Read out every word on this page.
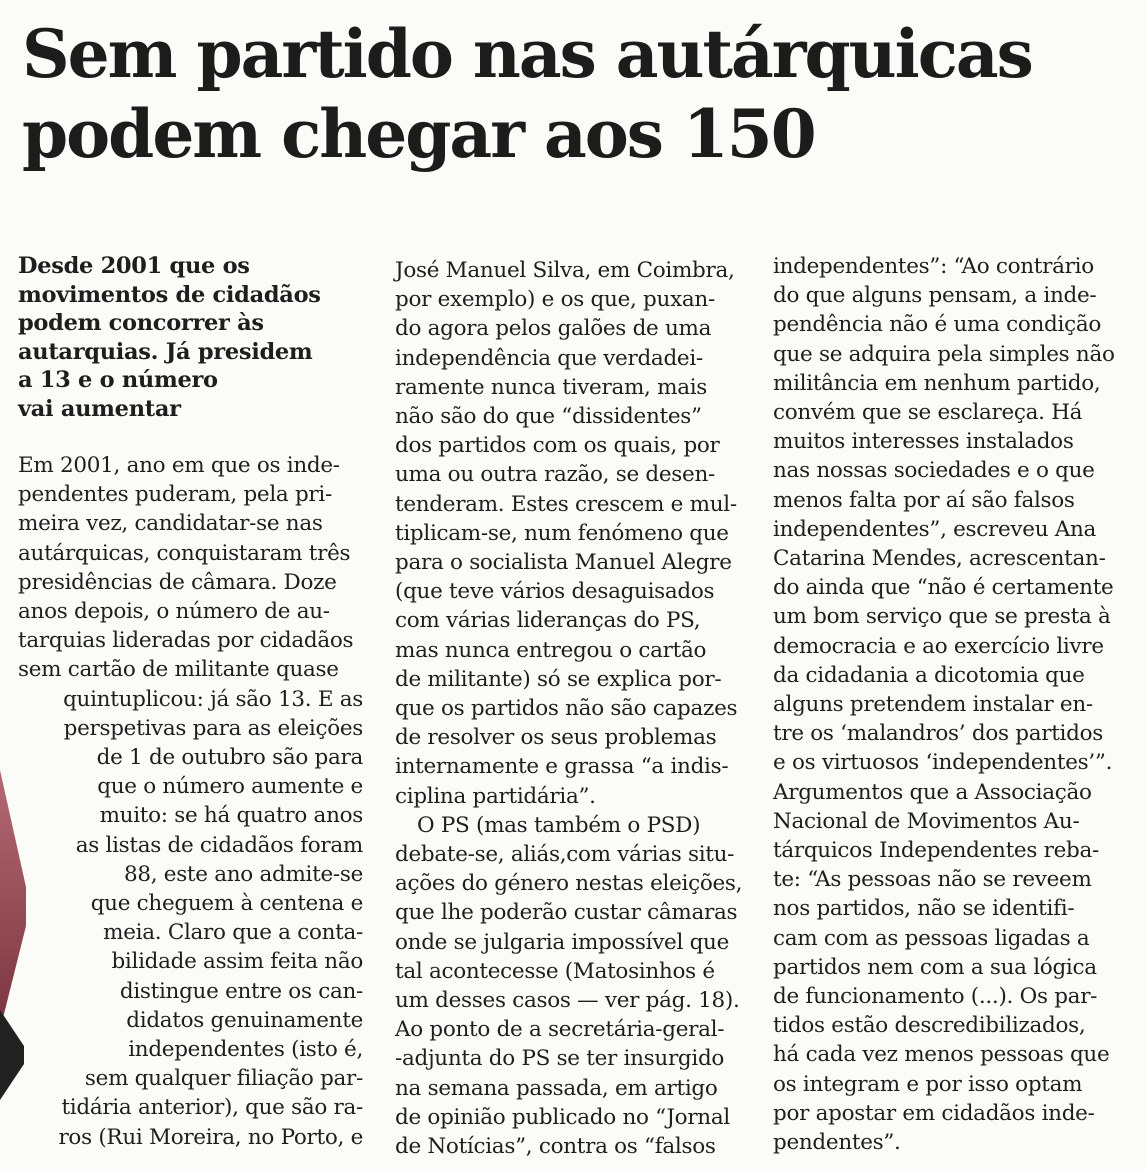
Sem partido nas autárquicas
podem chegar aos 150

Desde 2001 que os

movimentos de cidadãos

podem concorrer às

autarquias. Já presidem

a 13 e o número

vai aumentar

Em 2001, ano em que os inde-

pendentes puderam, pela pri-

meira vez, candidatar-se nas

autárquicas, conquistaram três

presidências de câmara. Doze

anos depois, o número de au-

tarquias lideradas por cidadãos

sem cartão de militante quase

quintuplicou: já são 13. E as

perspetivas para as eleições

de 1 de outubro são para

que o número aumente e

muito: se há quatro anos

as listas de cidadãos foram

88, este ano admite-se

que cheguem à centena e

meia. Claro que a conta-

bilidade assim feita não

distingue entre os can-

didatos genuinamente

independentes (isto é,

sem qualquer filiação par-

tidária anterior), que são ra-

ros (Rui Moreira, no Porto, e

José Manuel Silva, em Coimbra,

por exemplo) e os que, puxan-

do agora pelos galões de uma

independência que verdadei-

ramente nunca tiveram, mais

não são do que “dissidentes”

dos partidos com os quais, por

uma ou outra razão, se desen-

tenderam. Estes crescem e mul-

tiplicam-se, num fenómeno que

para o socialista Manuel Alegre

(que teve vários desaguisados

com várias lideranças do PS,

mas nunca entregou o cartão

de militante) só se explica por-

que os partidos não são capazes

de resolver os seus problemas

internamente e grassa “a indis-

ciplina partidária”.

O PS (mas também o PSD)

debate-se, aliás,com várias situ-

ações do género nestas eleições,

que lhe poderão custar câmaras

onde se julgaria impossível que

tal acontecesse (Matosinhos é

um desses casos — ver pág. 18).

Ao ponto de a secretária-geral-

-adjunta do PS se ter insurgido

na semana passada, em artigo

de opinião publicado no “Jornal

de Notícias”, contra os “falsos

independentes”: “Ao contrário

do que alguns pensam, a inde-

pendência não é uma condição

que se adquira pela simples não

militância em nenhum partido,

convém que se esclareça. Há

muitos interesses instalados

nas nossas sociedades e o que

menos falta por aí são falsos

independentes”, escreveu Ana

Catarina Mendes, acrescentan-

do ainda que “não é certamente

um bom serviço que se presta à

democracia e ao exercício livre

da cidadania a dicotomia que

alguns pretendem instalar en-

tre os ‘malandros’ dos partidos

e os virtuosos ‘independentes’”.

Argumentos que a Associação

Nacional de Movimentos Au-

tárquicos Independentes reba-

te: “As pessoas não se reveem

nos partidos, não se identifi-

cam com as pessoas ligadas a

partidos nem com a sua lógica

de funcionamento (...). Os par-

tidos estão descredibilizados,

há cada vez menos pessoas que

os integram e por isso optam

por apostar em cidadãos inde-

pendentes”.
